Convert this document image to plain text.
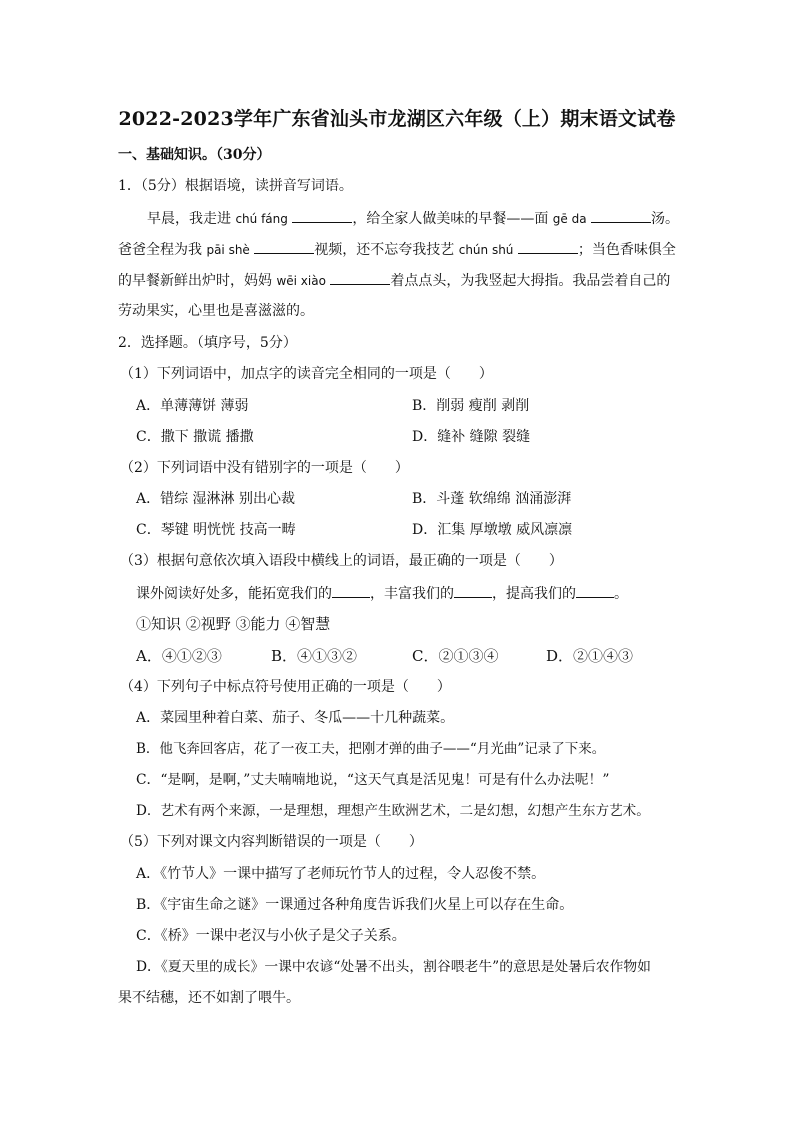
2022-2023学年广东省汕头市龙湖区六年级（上）期末语文试卷
一、基础知识。（30分）
1．（5分）根据语境，读拼音写词语。
早晨，我走进 chú fáng	，给全家人做美味的早餐——面 gē da	汤。
爸爸全程为我 pāi shè	视频，还不忘夸我技艺 chún shú	；当色香味俱全
的早餐新鲜出炉时，妈妈 wēi xiào	着点点头，为我竖起大拇指。我品尝着自己的
劳动果实，心里也是喜滋滋的。
2．选择题。（填序号，5分）
（1）下列词语中，加点字的读音完全相同的一项是（　　）
A．单薄薄饼 薄弱	B．削弱 瘦削 剥削
C．撒下 撒谎 播撒	D．缝补 缝隙 裂缝
（2）下列词语中没有错别字的一项是（　　）
A．错综 湿淋淋 别出心裁	B．斗蓬 软绵绵 汹涌澎湃
C．琴键 明恍恍 技高一畴	D．汇集 厚墩墩 威风凛凛
（3）根据句意依次填入语段中横线上的词语，最正确的一项是（　　）
课外阅读好处多，能拓宽我们的	，丰富我们的	，提高我们的	。
①知识 ②视野 ③能力 ④智慧
A．④①②③	B．④①③②	C．②①③④	D．②①④③
（4）下列句子中标点符号使用正确的一项是（　　）
A．菜园里种着白菜、茄子、冬瓜——十几种蔬菜。
B．他飞奔回客店，花了一夜工夫，把刚才弹的曲子——“月光曲”记录了下来。
C．“是啊，是啊，”丈夫喃喃地说，“这天气真是活见鬼！可是有什么办法呢！”
D．艺术有两个来源，一是理想，理想产生欧洲艺术，二是幻想，幻想产生东方艺术。
（5）下列对课文内容判断错误的一项是（　　）
A．《竹节人》一课中描写了老师玩竹节人的过程，令人忍俊不禁。
B．《宇宙生命之谜》一课通过各种角度告诉我们火星上可以存在生命。
C．《桥》一课中老汉与小伙子是父子关系。
D．《夏天里的成长》一课中农谚“处暑不出头，割谷喂老牛”的意思是处暑后农作物如
果不结穗，还不如割了喂牛。
